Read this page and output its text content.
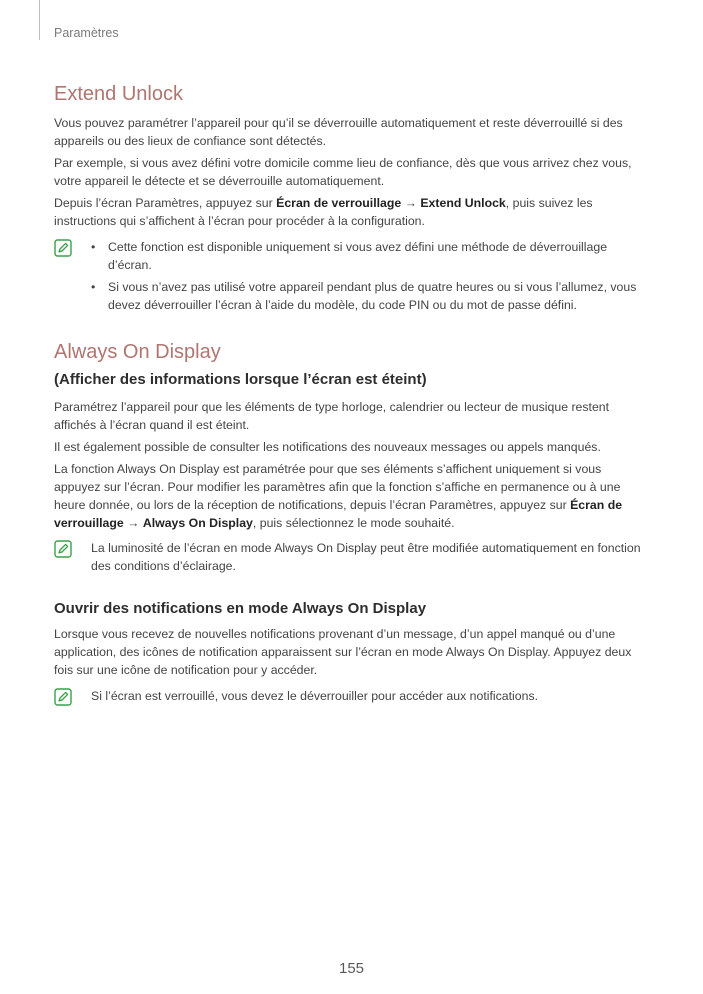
Paramètres
Extend Unlock

Vous pouvez paramétrer l’appareil pour qu’il se déverrouille automatiquement et reste déverrouillé si des appareils ou des lieux de confiance sont détectés.

Par exemple, si vous avez défini votre domicile comme lieu de confiance, dès que vous arrivez chez vous, votre appareil le détecte et se déverrouille automatiquement.

Depuis l’écran Paramètres, appuyez sur Écran de verrouillage → Extend Unlock, puis suivez les instructions qui s’affichent à l’écran pour procéder à la configuration.

• Cette fonction est disponible uniquement si vous avez défini une méthode de déverrouillage d’écran.
• Si vous n’avez pas utilisé votre appareil pendant plus de quatre heures ou si vous l’allumez, vous devez déverrouiller l’écran à l’aide du modèle, du code PIN ou du mot de passe défini.
Always On Display
(Afficher des informations lorsque l’écran est éteint)

Paramétrez l’appareil pour que les éléments de type horloge, calendrier ou lecteur de musique restent affichés à l’écran quand il est éteint.

Il est également possible de consulter les notifications des nouveaux messages ou appels manqués.

La fonction Always On Display est paramétrée pour que ses éléments s’affichent uniquement si vous appuyez sur l’écran. Pour modifier les paramètres afin que la fonction s’affiche en permanence ou à une heure donnée, ou lors de la réception de notifications, depuis l’écran Paramètres, appuyez sur Écran de verrouillage → Always On Display, puis sélectionnez le mode souhaité.

La luminosité de l’écran en mode Always On Display peut être modifiée automatiquement en fonction des conditions d’éclairage.

Ouvrir des notifications en mode Always On Display

Lorsque vous recevez de nouvelles notifications provenant d’un message, d’un appel manqué ou d’une application, des icônes de notification apparaissent sur l’écran en mode Always On Display. Appuyez deux fois sur une icône de notification pour y accéder.

Si l’écran est verrouillé, vous devez le déverrouiller pour accéder aux notifications.

155
